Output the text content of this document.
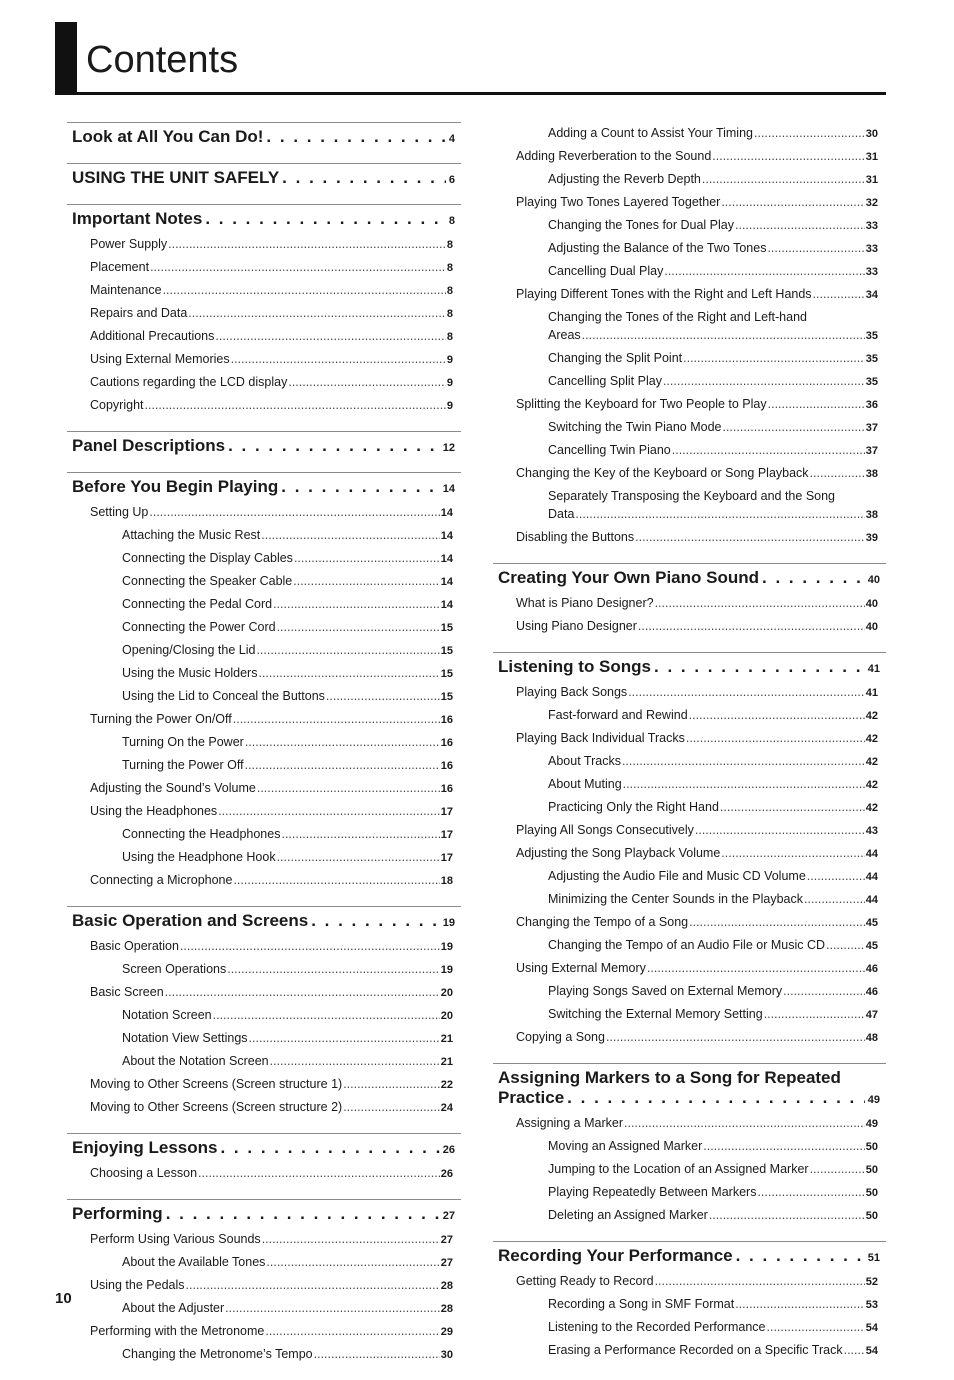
Contents
Look at All You Can Do! . . .	4
USING THE UNIT SAFELY . . .	6
Important Notes . . .	8
Power Supply .....	8
Placement .....	8
Maintenance .....	8
Repairs and Data .....	8
Additional Precautions .....	8
Using External Memories .....	9
Cautions regarding the LCD display .....	9
Copyright .....	9
Panel Descriptions . . .	12
Before You Begin Playing . . .	14
Setting Up .....	14
Attaching the Music Rest .....	14
Connecting the Display Cables .....	14
Connecting the Speaker Cable .....	14
Connecting the Pedal Cord .....	14
Connecting the Power Cord .....	15
Opening/Closing the Lid .....	15
Using the Music Holders .....	15
Using the Lid to Conceal the Buttons .....	15
Turning the Power On/Off .....	16
Turning On the Power .....	16
Turning the Power Off .....	16
Adjusting the Sound’s Volume .....	16
Using the Headphones .....	17
Connecting the Headphones .....	17
Using the Headphone Hook .....	17
Connecting a Microphone .....	18
Basic Operation and Screens . . .	19
Basic Operation .....	19
Screen Operations .....	19
Basic Screen .....	20
Notation Screen .....	20
Notation View Settings .....	21
About the Notation Screen .....	21
Moving to Other Screens (Screen structure 1) .....	22
Moving to Other Screens (Screen structure 2) .....	24
Enjoying Lessons . . .	26
Choosing a Lesson .....	26
Performing . . .	27
Perform Using Various Sounds .....	27
About the Available Tones .....	27
Using the Pedals .....	28
About the Adjuster .....	28
Performing with the Metronome .....	29
Changing the Metronome’s Tempo .....	30
Adding a Count to Assist Your Timing .....	30
Adding Reverberation to the Sound .....	31
Adjusting the Reverb Depth .....	31
Playing Two Tones Layered Together .....	32
Changing the Tones for Dual Play .....	33
Adjusting the Balance of the Two Tones .....	33
Cancelling Dual Play .....	33
Playing Different Tones with the Right and Left Hands .....	34
Changing the Tones of the Right and Left-hand
Areas .....	35
Changing the Split Point .....	35
Cancelling Split Play .....	35
Splitting the Keyboard for Two People to Play .....	36
Switching the Twin Piano Mode .....	37
Cancelling Twin Piano .....	37
Changing the Key of the Keyboard or Song Playback .....	38
Separately Transposing the Keyboard and the Song
Data .....	38
Disabling the Buttons .....	39
Creating Your Own Piano Sound . . .	40
What is Piano Designer? .....	40
Using Piano Designer .....	40
Listening to Songs . . .	41
Playing Back Songs .....	41
Fast-forward and Rewind .....	42
Playing Back Individual Tracks .....	42
About Tracks .....	42
About Muting .....	42
Practicing Only the Right Hand .....	42
Playing All Songs Consecutively .....	43
Adjusting the Song Playback Volume .....	44
Adjusting the Audio File and Music CD Volume .....	44
Minimizing the Center Sounds in the Playback .....	44
Changing the Tempo of a Song .....	45
Changing the Tempo of an Audio File or Music CD .....	45
Using External Memory .....	46
Playing Songs Saved on External Memory .....	46
Switching the External Memory Setting .....	47
Copying a Song .....	48
Assigning Markers to a Song for Repeated
Practice . . .	49
Assigning a Marker .....	49
Moving an Assigned Marker .....	50
Jumping to the Location of an Assigned Marker .....	50
Playing Repeatedly Between Markers .....	50
Deleting an Assigned Marker .....	50
Recording Your Performance . . .	51
Getting Ready to Record .....	52
Recording a Song in SMF Format .....	53
Listening to the Recorded Performance .....	54
Erasing a Performance Recorded on a Specific Track ..... 54
10
